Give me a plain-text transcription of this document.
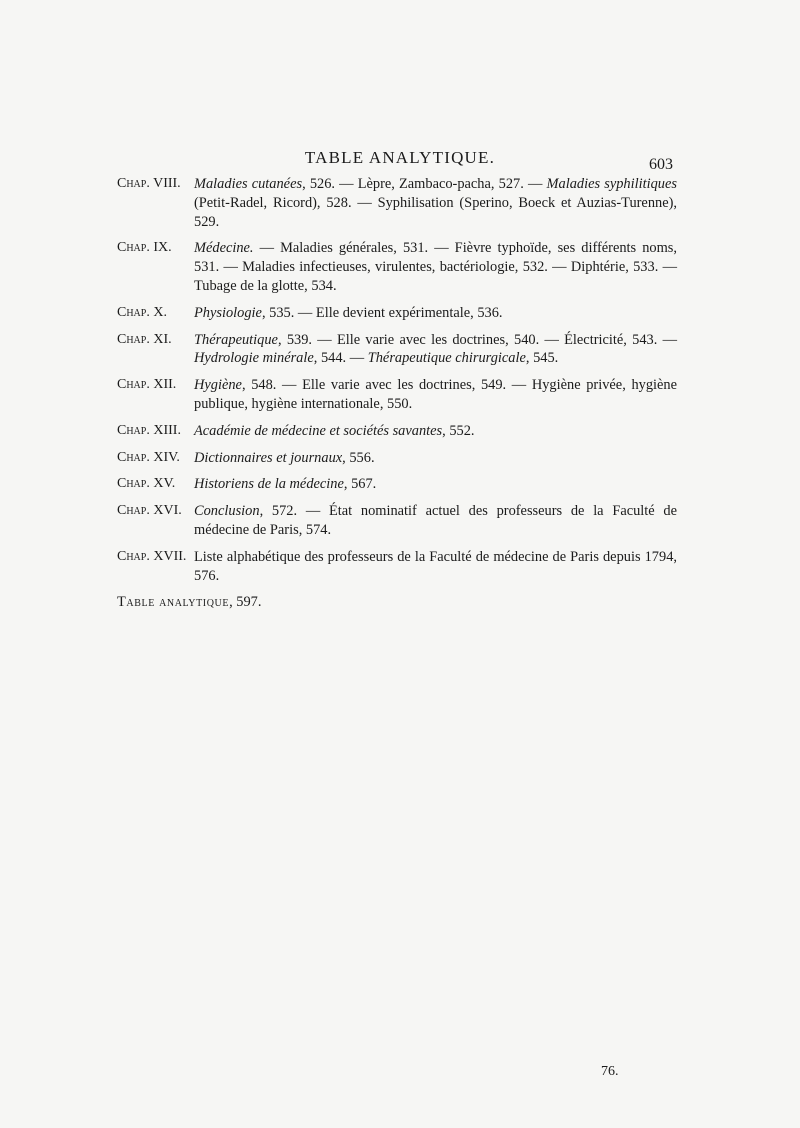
TABLE ANALYTIQUE.	603
Chap. VIII. Maladies cutanées, 526. — Lèpre, Zambaco-pacha, 527. — Maladies syphilitiques (Petit-Radel, Ricord), 528. — Syphilisation (Sperino, Boeck et Auzias-Turenne), 529.
Chap. IX.	Médecine. — Maladies générales, 531. — Fièvre typhoïde, ses différents noms, 531. — Maladies infectieuses, virulentes, bactériologie, 532. — Diphtérie, 533. — Tubage de la glotte, 534.
Chap. X.	Physiologie, 535. — Elle devient expérimentale, 536.
Chap. XI.	Thérapeutique, 539. — Elle varie avec les doctrines, 540. — Électricité, 543. — Hydrologie minérale, 544. — Thérapeutique chirurgicale, 545.
Chap. XII.	Hygiène, 548. — Elle varie avec les doctrines, 549. — Hygiène privée, hygiène publique, hygiène internationale, 550.
Chap. XIII. Académie de médecine et sociétés savantes, 552.
Chap. XIV. Dictionnaires et journaux, 556.
Chap. XV.	Historiens de la médecine, 567.
Chap. XVI. Conclusion, 572. — État nominatif actuel des professeurs de la Faculté de médecine de Paris, 574.
Chap. XVII. Liste alphabétique des professeurs de la Faculté de médecine de Paris depuis 1794, 576.
Table analytique, 597.
76.
